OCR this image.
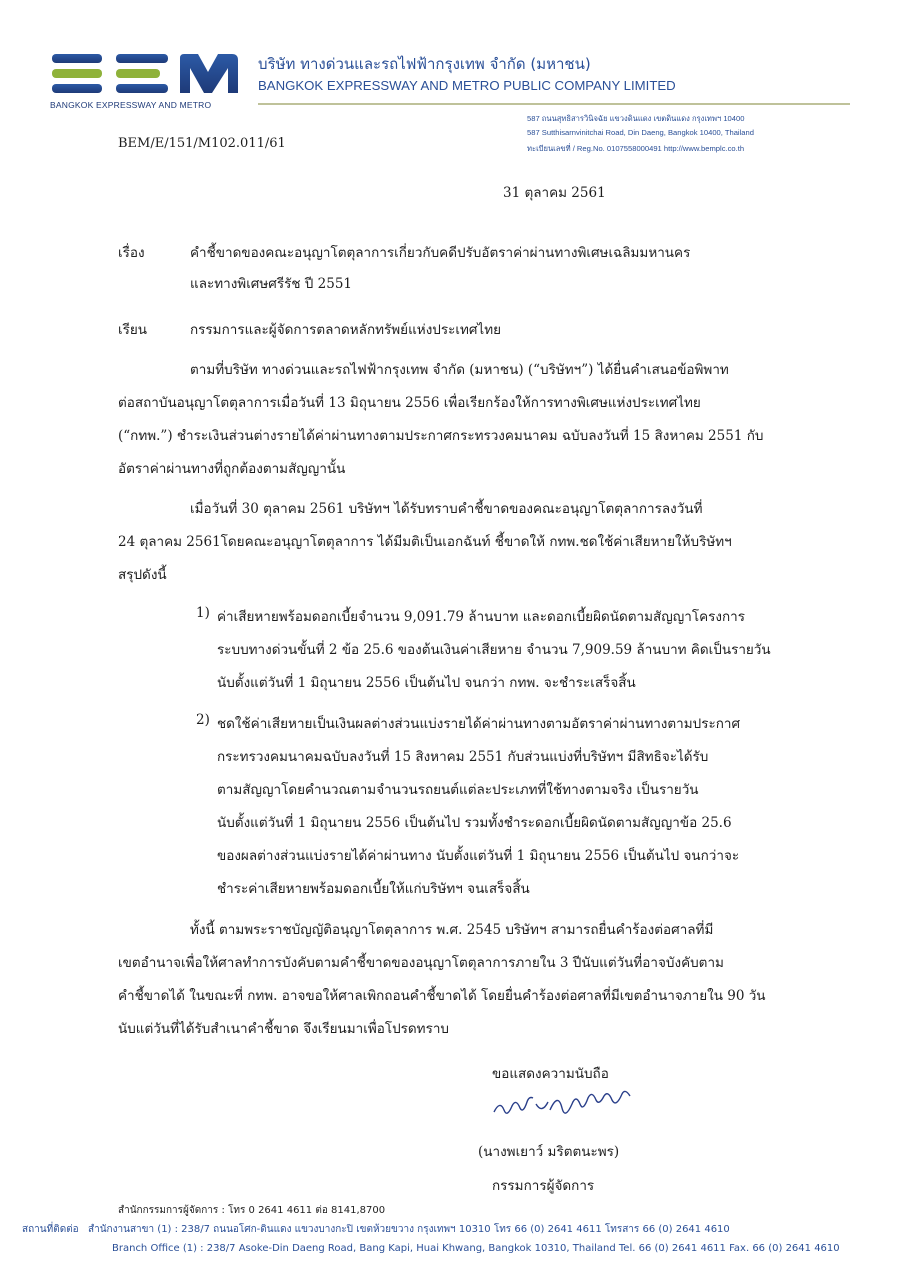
BEM
BANGKOK EXPRESSWAY AND METRO
บริษัท ทางด่วนและรถไฟฟ้ากรุงเทพ จำกัด (มหาชน)
BANGKOK EXPRESSWAY AND METRO PUBLIC COMPANY LIMITED
587 ถนนสุทธิสารวินิจฉัย แขวงดินแดง เขตดินแดง กรุงเทพฯ 10400
587 Sutthisarnvinitchai Road, Din Daeng, Bangkok 10400, Thailand
ทะเบียนเลขที่ / Reg.No. 0107558000491 http://www.bemplc.co.th
BEM/E/151/M102.011/61
31 ตุลาคม 2561
เรื่อง	คำชี้ขาดของคณะอนุญาโตตุลาการเกี่ยวกับคดีปรับอัตราค่าผ่านทางพิเศษเฉลิมมหานคร
และทางพิเศษศรีรัช ปี 2551
เรียน	กรรมการและผู้จัดการตลาดหลักทรัพย์แห่งประเทศไทย
ตามที่บริษัท ทางด่วนและรถไฟฟ้ากรุงเทพ จำกัด (มหาชน) (“บริษัทฯ”) ได้ยื่นคำเสนอข้อพิพาท
ต่อสถาบันอนุญาโตตุลาการเมื่อวันที่ 13 มิถุนายน 2556 เพื่อเรียกร้องให้การทางพิเศษแห่งประเทศไทย
(“กทพ.”) ชำระเงินส่วนต่างรายได้ค่าผ่านทางตามประกาศกระทรวงคมนาคม ฉบับลงวันที่ 15 สิงหาคม 2551 กับ
อัตราค่าผ่านทางที่ถูกต้องตามสัญญานั้น
เมื่อวันที่ 30 ตุลาคม 2561 บริษัทฯ ได้รับทราบคำชี้ขาดของคณะอนุญาโตตุลาการลงวันที่
24 ตุลาคม 2561โดยคณะอนุญาโตตุลาการ ได้มีมติเป็นเอกฉันท์ ชี้ขาดให้ กทพ.ชดใช้ค่าเสียหายให้บริษัทฯ
สรุปดังนี้
1) ค่าเสียหายพร้อมดอกเบี้ยจำนวน 9,091.79 ล้านบาท และดอกเบี้ยผิดนัดตามสัญญาโครงการ
ระบบทางด่วนขั้นที่ 2 ข้อ 25.6 ของต้นเงินค่าเสียหาย จำนวน 7,909.59 ล้านบาท คิดเป็นรายวัน
นับตั้งแต่วันที่ 1 มิถุนายน 2556 เป็นต้นไป จนกว่า กทพ. จะชำระเสร็จสิ้น
2) ชดใช้ค่าเสียหายเป็นเงินผลต่างส่วนแบ่งรายได้ค่าผ่านทางตามอัตราค่าผ่านทางตามประกาศ
กระทรวงคมนาคมฉบับลงวันที่ 15 สิงหาคม 2551 กับส่วนแบ่งที่บริษัทฯ มีสิทธิจะได้รับ
ตามสัญญาโดยคำนวณตามจำนวนรถยนต์แต่ละประเภทที่ใช้ทางตามจริง เป็นรายวัน
นับตั้งแต่วันที่ 1 มิถุนายน 2556 เป็นต้นไป รวมทั้งชำระดอกเบี้ยผิดนัดตามสัญญาข้อ 25.6
ของผลต่างส่วนแบ่งรายได้ค่าผ่านทาง นับตั้งแต่วันที่ 1 มิถุนายน 2556 เป็นต้นไป จนกว่าจะ
ชำระค่าเสียหายพร้อมดอกเบี้ยให้แก่บริษัทฯ จนเสร็จสิ้น
ทั้งนี้ ตามพระราชบัญญัติอนุญาโตตุลาการ พ.ศ. 2545 บริษัทฯ สามารถยื่นคำร้องต่อศาลที่มี
เขตอำนาจเพื่อให้ศาลทำการบังคับตามคำชี้ขาดของอนุญาโตตุลาการภายใน 3 ปีนับแต่วันที่อาจบังคับตาม
คำชี้ขาดได้ ในขณะที่ กทพ. อาจขอให้ศาลเพิกถอนคำชี้ขาดได้ โดยยื่นคำร้องต่อศาลที่มีเขตอำนาจภายใน 90 วัน
นับแต่วันที่ได้รับสำเนาคำชี้ขาด จึงเรียนมาเพื่อโปรดทราบ
ขอแสดงความนับถือ
(นางพเยาว์ มริตตนะพร)
กรรมการผู้จัดการ
สำนักกรรมการผู้จัดการ : โทร 0 2641 4611 ต่อ 8141,8700
สถานที่ติดต่อ สำนักงานสาขา (1) : 238/7 ถนนอโศก-ดินแดง แขวงบางกะปิ เขตห้วยขวาง กรุงเทพฯ 10310 โทร 66 (0) 2641 4611 โทรสาร 66 (0) 2641 4610
Branch Office (1) : 238/7 Asoke-Din Daeng Road, Bang Kapi, Huai Khwang, Bangkok 10310, Thailand Tel. 66 (0) 2641 4611 Fax. 66 (0) 2641 4610
